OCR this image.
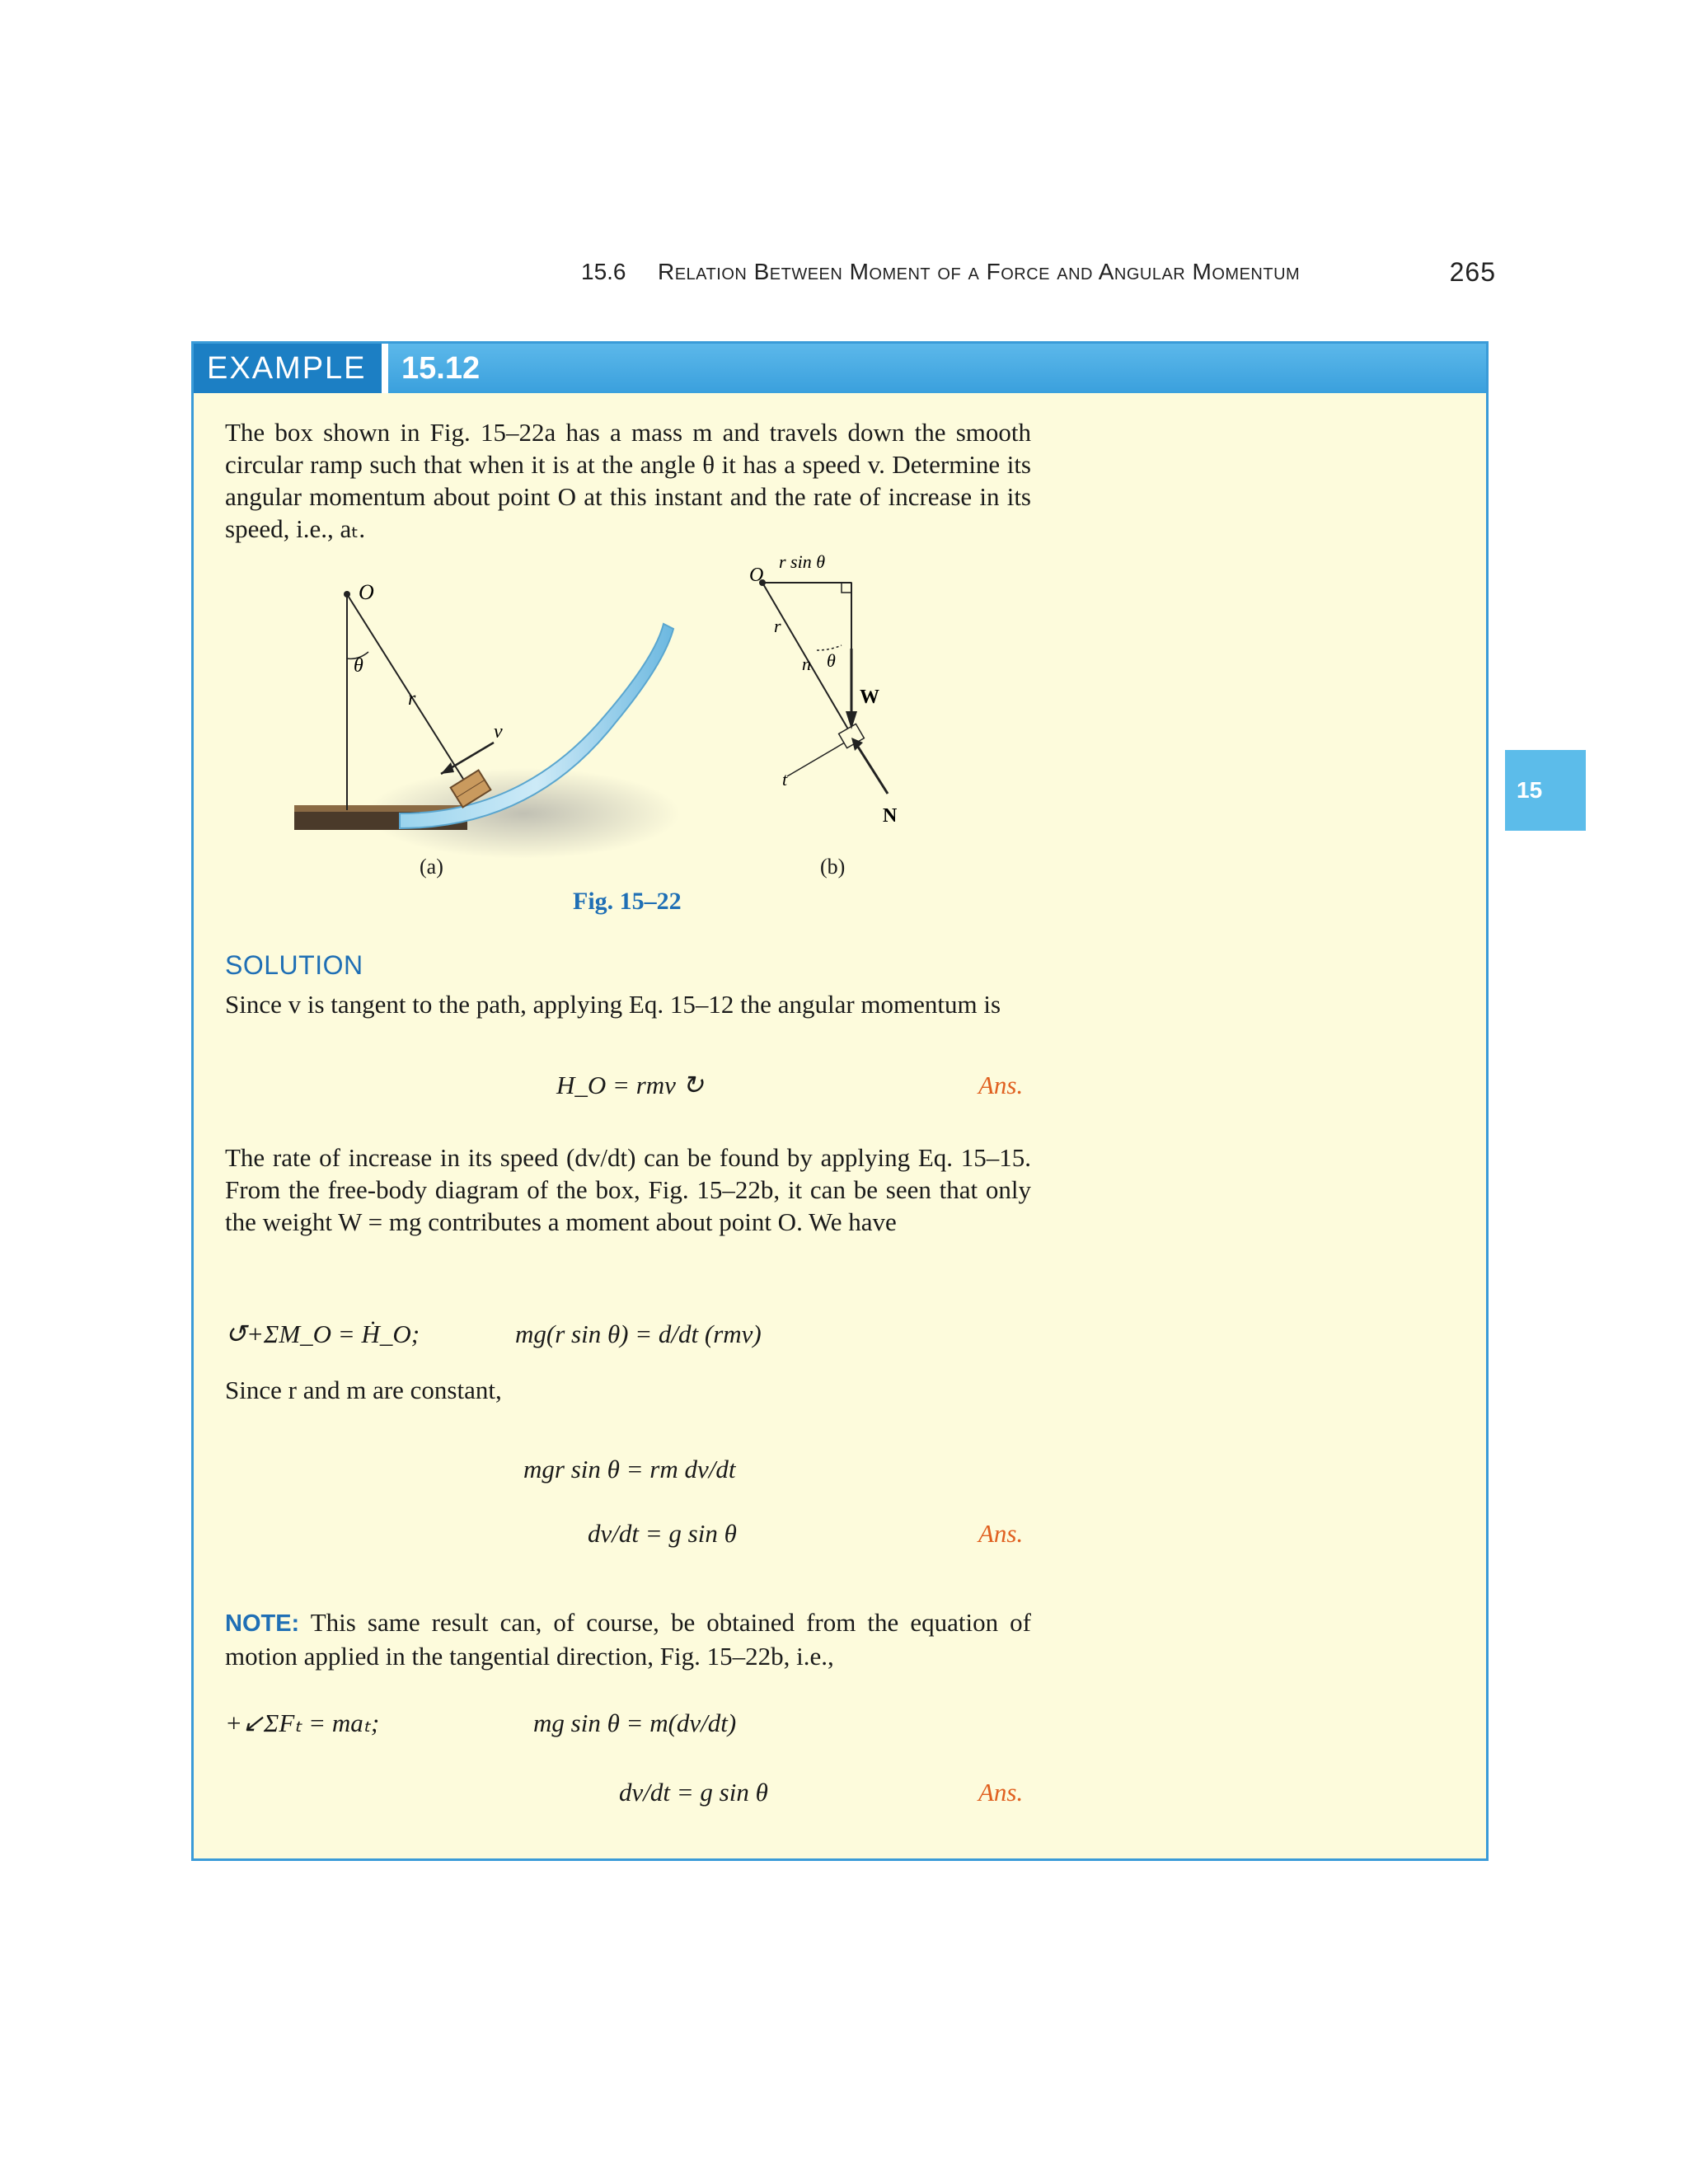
15.6 Relation Between Moment of a Force and Angular Momentum	265
15
EXAMPLE	15.12
The box shown in Fig. 15–22a has a mass m and travels down the smooth circular ramp such that when it is at the angle θ it has a speed v. Determine its angular momentum about point O at this instant and the rate of increase in its speed, i.e., aₜ.
O
θ
r
v
(a)
O
r sin θ
r
n θ
W
t
N
(b)
Fig. 15–22
SOLUTION
Since v is tangent to the path, applying Eq. 15–12 the angular momentum is
H_O = rmv ↻	Ans.
The rate of increase in its speed (dv/dt) can be found by applying Eq. 15–15. From the free-body diagram of the box, Fig. 15–22b, it can be seen that only the weight W = mg contributes a moment about point O. We have
↺+ΣM_O = Ḣ_O;	mg(r sin θ) = d/dt (rmv)
Since r and m are constant,
mgr sin θ = rm dv/dt
dv/dt = g sin θ	Ans.
NOTE: This same result can, of course, be obtained from the equation of motion applied in the tangential direction, Fig. 15–22b, i.e.,
+↙ΣFₜ = maₜ;	mg sin θ = m(dv/dt)
dv/dt = g sin θ	Ans.
